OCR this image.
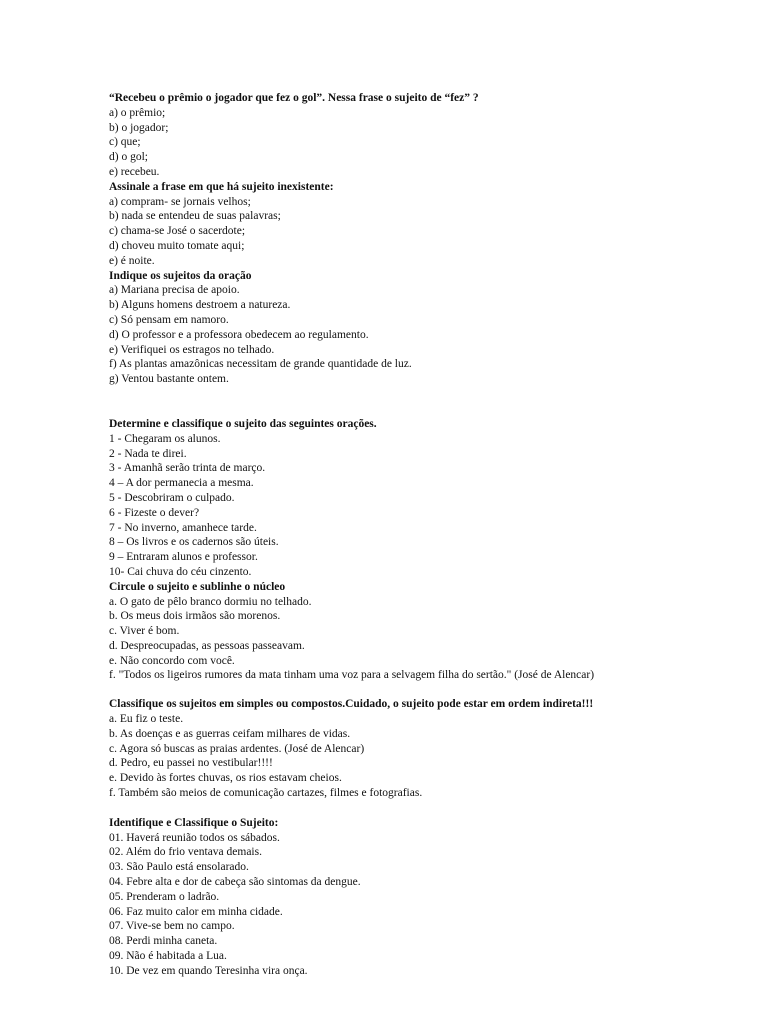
“Recebeu o prêmio o jogador que fez o gol”. Nessa frase o sujeito de “fez” ?
a) o prêmio;
b) o jogador;
c) que;
d) o gol;
e) recebeu.
Assinale a frase em que há sujeito inexistente:
a) compram- se jornais velhos;
b) nada se entendeu de suas palavras;
c) chama-se José o sacerdote;
d) choveu muito tomate aqui;
e) é noite.
Indique os sujeitos da oração
a) Mariana precisa de apoio.
b) Alguns homens destroem a natureza.
c) Só pensam em namoro.
d) O professor e a professora obedecem ao regulamento.
e) Verifiquei os estragos no telhado.
f) As plantas amazônicas necessitam de grande quantidade de luz.
g) Ventou bastante ontem.
Determine e classifique o sujeito das seguintes orações.
1 - Chegaram os alunos.
2 - Nada te direi.
3 - Amanhã serão trinta de março.
4 – A dor permanecia a mesma.
5 - Descobriram o culpado.
6 - Fizeste o dever?
7 - No inverno, amanhece tarde.
8 – Os livros e os cadernos são úteis.
9 – Entraram alunos e professor.
10- Cai chuva do céu cinzento.
Circule o sujeito e sublinhe o núcleo
a. O gato de pêlo branco dormiu no telhado.
b. Os meus dois irmãos são morenos.
c. Viver é bom.
d. Despreocupadas, as pessoas passeavam.
e. Não concordo com você.
f. "Todos os ligeiros rumores da mata tinham uma voz para a selvagem filha do sertão." (José de Alencar)
Classifique os sujeitos em simples ou compostos.Cuidado, o sujeito pode estar em ordem indireta!!!
a. Eu fiz o teste.
b. As doenças e as guerras ceifam milhares de vidas.
c. Agora só buscas as praias ardentes. (José de Alencar)
d. Pedro, eu passei no vestibular!!!!
e. Devido às fortes chuvas, os rios estavam cheios.
f. Também são meios de comunicação cartazes, filmes e fotografias.
Identifique e Classifique o Sujeito:
01. Haverá reunião todos os sábados.
02. Além do frio ventava demais.
03. São Paulo está ensolarado.
04. Febre alta e dor de cabeça são sintomas da dengue.
05. Prenderam o ladrão.
06. Faz muito calor em minha cidade.
07. Vive-se bem no campo.
08. Perdi minha caneta.
09. Não é habitada a Lua.
10. De vez em quando Teresinha vira onça.
